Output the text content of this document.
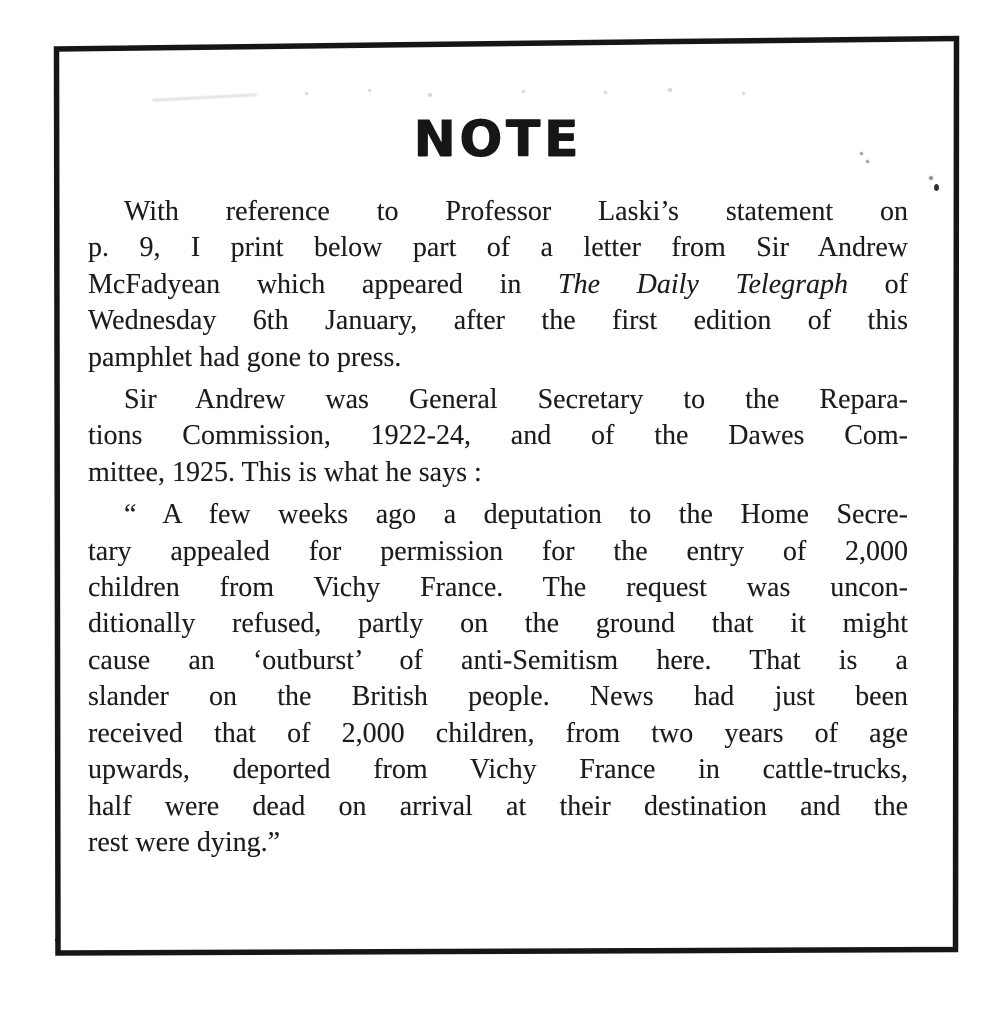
NOTE
With reference to Professor Laski’s statement on
p. 9, I print below part of a letter from Sir Andrew
McFadyean which appeared in The Daily Telegraph of
Wednesday 6th January, after the first edition of this
pamphlet had gone to press.
Sir Andrew was General Secretary to the Repara-
tions Commission, 1922-24, and of the Dawes Com-
mittee, 1925. This is what he says :
“ A few weeks ago a deputation to the Home Secre-
tary appealed for permission for the entry of 2,000
children from Vichy France. The request was uncon-
ditionally refused, partly on the ground that it might
cause an ‘outburst’ of anti-Semitism here. That is a
slander on the British people. News had just been
received that of 2,000 children, from two years of age
upwards, deported from Vichy France in cattle-trucks,
half were dead on arrival at their destination and the
rest were dying.”
